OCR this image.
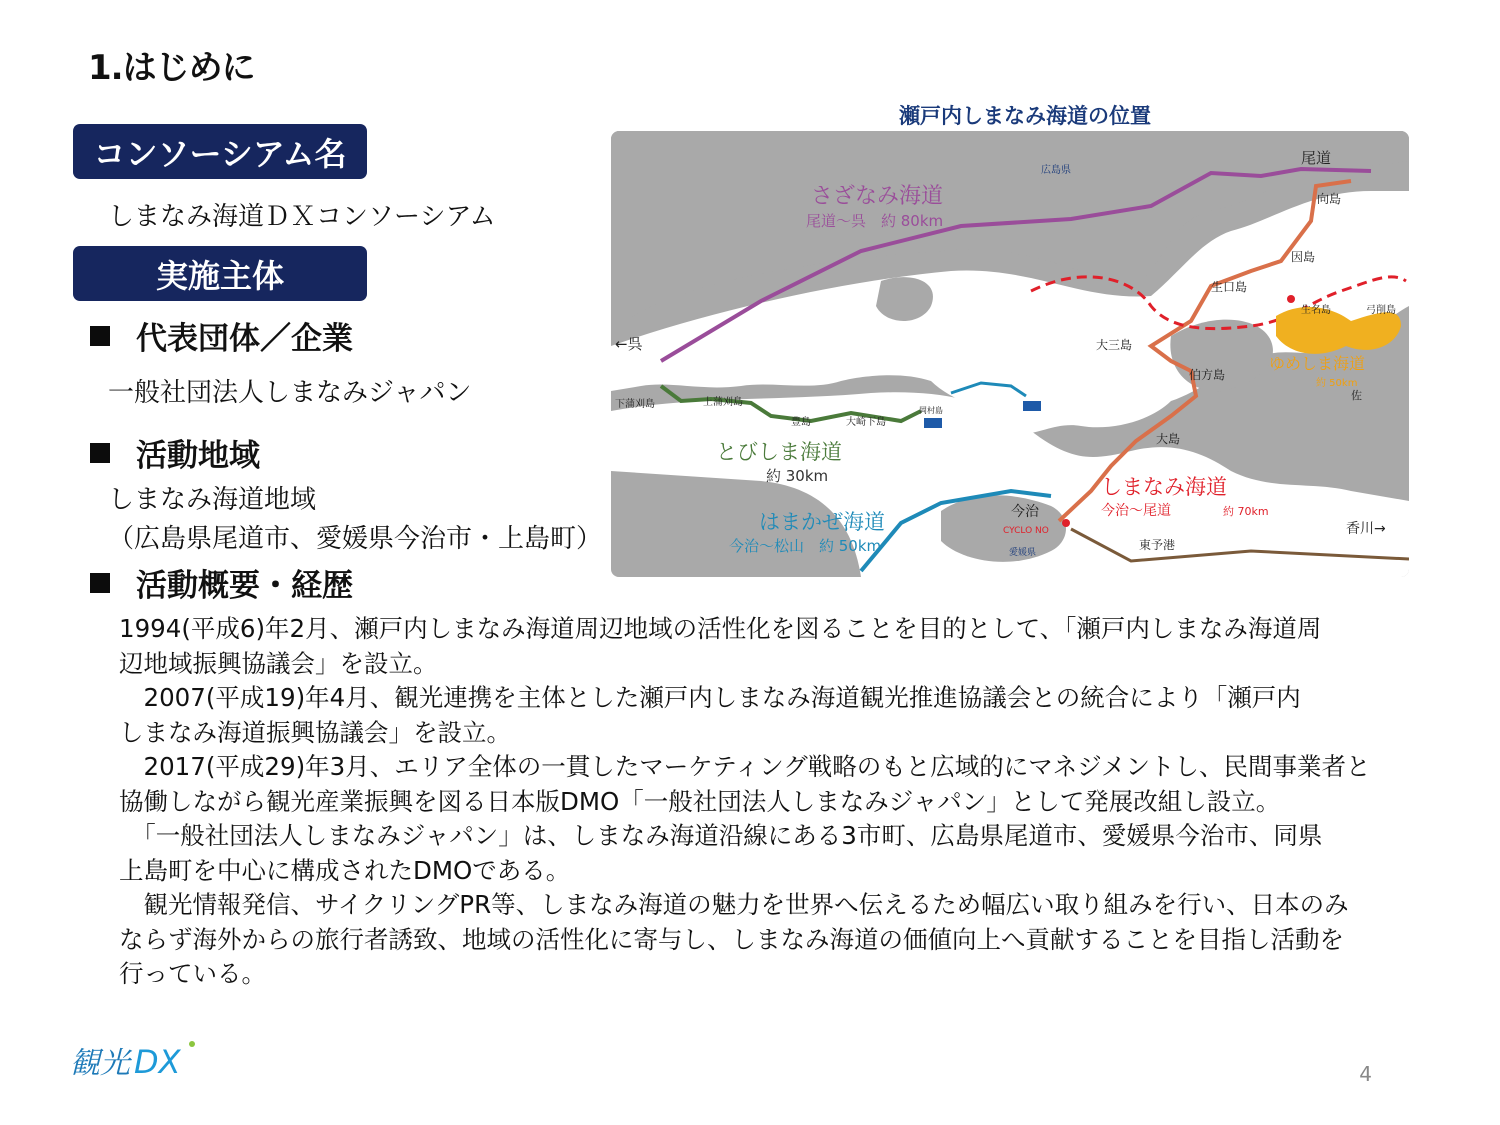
1.はじめに
コンソーシアム名
しまなみ海道ＤＸコンソーシアム
実施主体
代表団体／企業
一般社団法人しまなみジャパン
活動地域
しまなみ海道地域
（広島県尾道市、愛媛県今治市・上島町）
活動概要・経歴

1994(平成6)年2月、瀬戸内しまなみ海道周辺地域の活性化を図ることを目的として、「瀬戸内しまなみ海道周

辺地域振興協議会」を設立。

　2007(平成19)年4月、観光連携を主体とした瀬戸内しまなみ海道観光推進協議会との統合により「瀬戸内

しまなみ海道振興協議会」を設立。

　2017(平成29)年3月、エリア全体の一貫したマーケティング戦略のもと広域的にマネジメントし、民間事業者と

協働しながら観光産業振興を図る日本版DMO「一般社団法人しまなみジャパン」として発展改組し設立。

　「一般社団法人しまなみジャパン」は、しまなみ海道沿線にある3市町、広島県尾道市、愛媛県今治市、同県

上島町を中心に構成されたDMOである。

　観光情報発信、サイクリングPR等、しまなみ海道の魅力を世界へ伝えるため幅広い取り組みを行い、日本のみ

ならず海外からの旅行者誘致、地域の活性化に寄与し、しまなみ海道の価値向上へ貢献することを目指し活動を

行っている。

瀬戸内しまなみ海道の位置
さざなみ海道
尾道～呉　約 80km
とびしま海道
約 30km
はまかぜ海道
今治～松山　約 50km
しまなみ海道
今治～尾道	約 70km
ゆめしま海道
約 50km
広島県
尾道
向島
因島
生口島
大三島
伯方島
大島
今治
←呉
香川→
下蒲刈島	上蒲刈島
豊島	大崎下島
岡村島
愛媛県
東予港
CYCLO NO
生名島	弓削島
佐
観光 DX	4
